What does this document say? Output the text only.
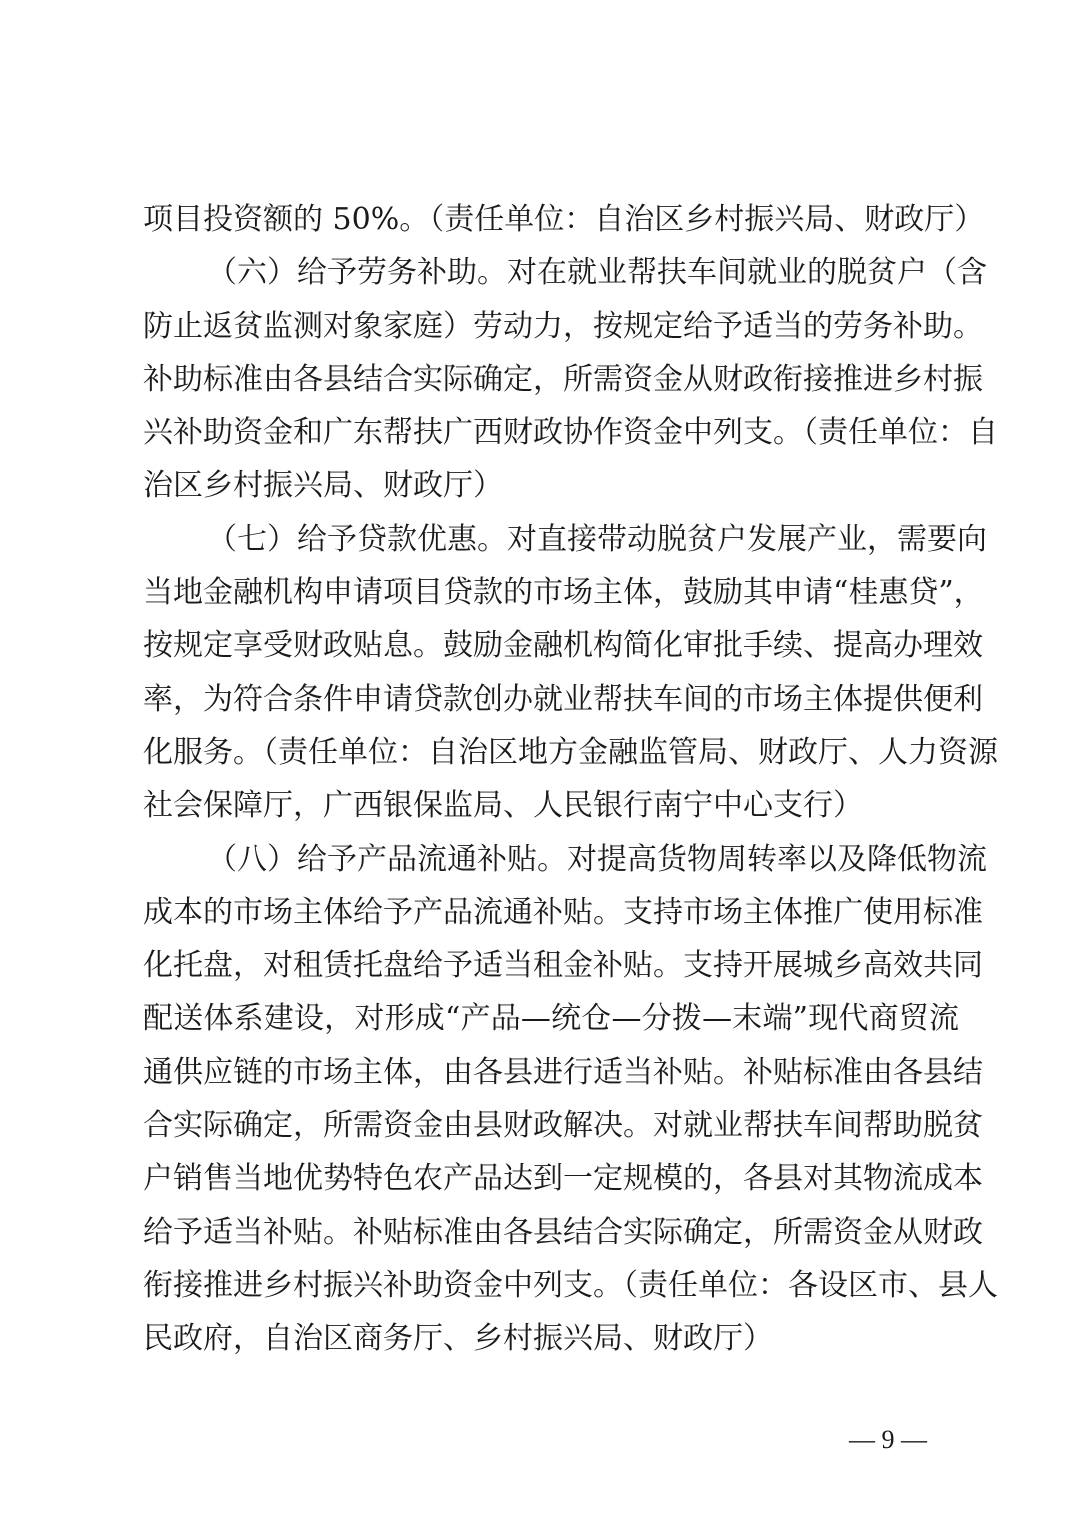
项目投资额的 50%。（责任单位：自治区乡村振兴局、财政厅）
（六）给予劳务补助。对在就业帮扶车间就业的脱贫户（含
防止返贫监测对象家庭）劳动力，按规定给予适当的劳务补助。
补助标准由各县结合实际确定，所需资金从财政衔接推进乡村振
兴补助资金和广东帮扶广西财政协作资金中列支。（责任单位：自
治区乡村振兴局、财政厅）
（七）给予贷款优惠。对直接带动脱贫户发展产业，需要向
当地金融机构申请项目贷款的市场主体，鼓励其申请“桂惠贷”，
按规定享受财政贴息。鼓励金融机构简化审批手续、提高办理效
率，为符合条件申请贷款创办就业帮扶车间的市场主体提供便利
化服务。（责任单位：自治区地方金融监管局、财政厅、人力资源
社会保障厅，广西银保监局、人民银行南宁中心支行）
（八）给予产品流通补贴。对提高货物周转率以及降低物流
成本的市场主体给予产品流通补贴。支持市场主体推广使用标准
化托盘，对租赁托盘给予适当租金补贴。支持开展城乡高效共同
配送体系建设，对形成“产品—统仓—分拨—末端”现代商贸流
通供应链的市场主体，由各县进行适当补贴。补贴标准由各县结
合实际确定，所需资金由县财政解决。对就业帮扶车间帮助脱贫
户销售当地优势特色农产品达到一定规模的，各县对其物流成本
给予适当补贴。补贴标准由各县结合实际确定，所需资金从财政
衔接推进乡村振兴补助资金中列支。（责任单位：各设区市、县人
民政府，自治区商务厅、乡村振兴局、财政厅）
— 9 —
